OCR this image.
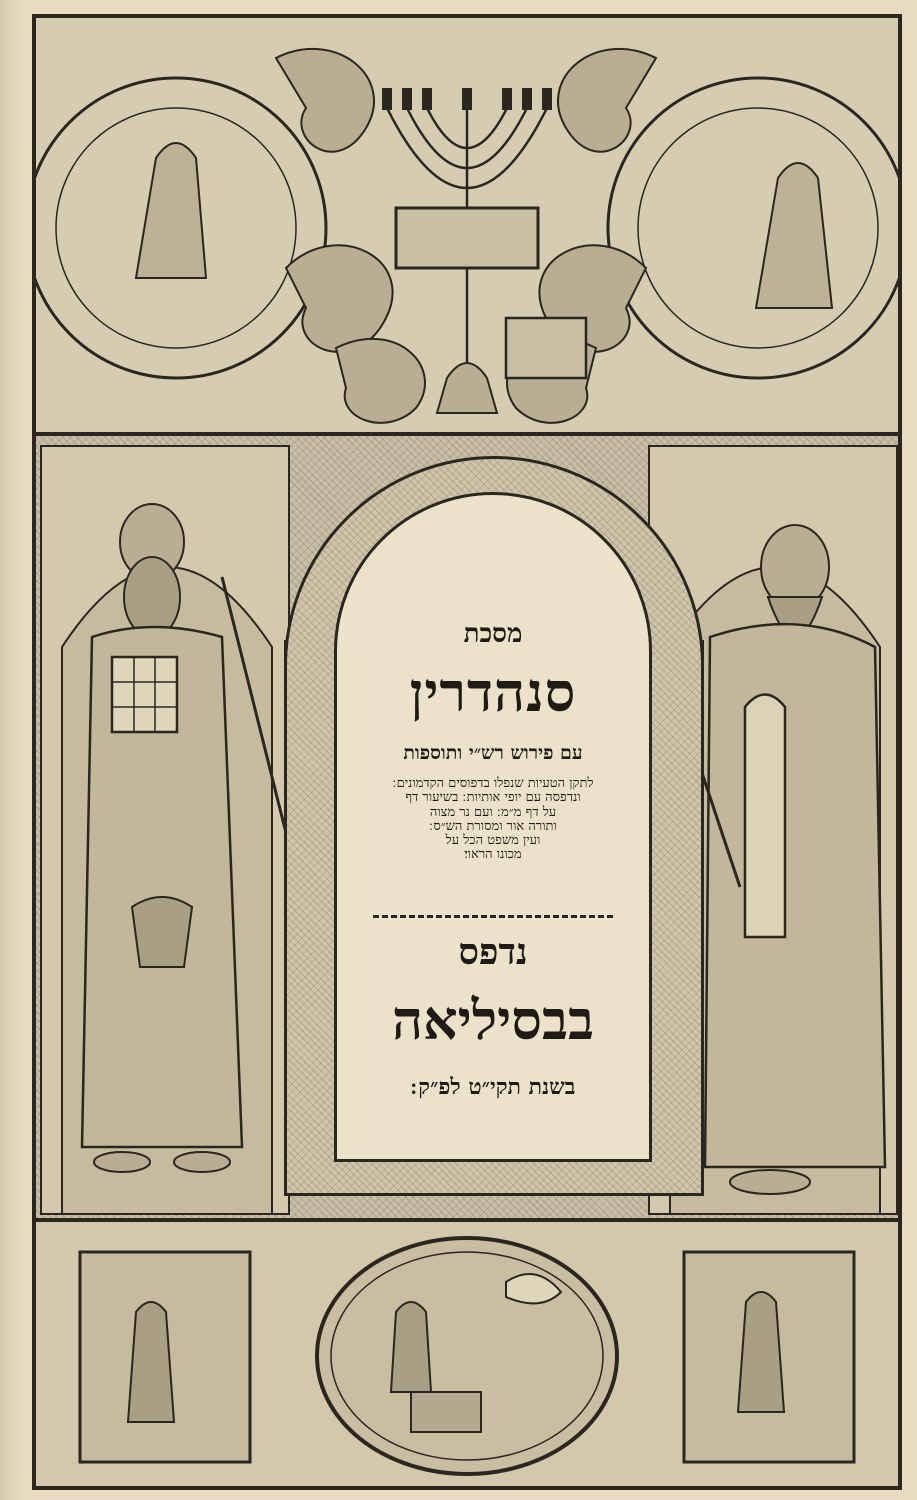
מסכת
סנהדרין
עם פירוש רש״י ותוספות
לתקן הטעיות שנפלו בדפוסים הקדמונים ׃
ונדפסה עם יופי אותיות ׃ בשיעור דף
על דף מ״מ ׃ ועם נר מצוה
ותורה אור ומסורת הש״ס ׃
ועין משפט הכל על
מכונו הראוי׃
נדפס
בבסיליאה
בשנת תקי״ט לפ״ק ׃
